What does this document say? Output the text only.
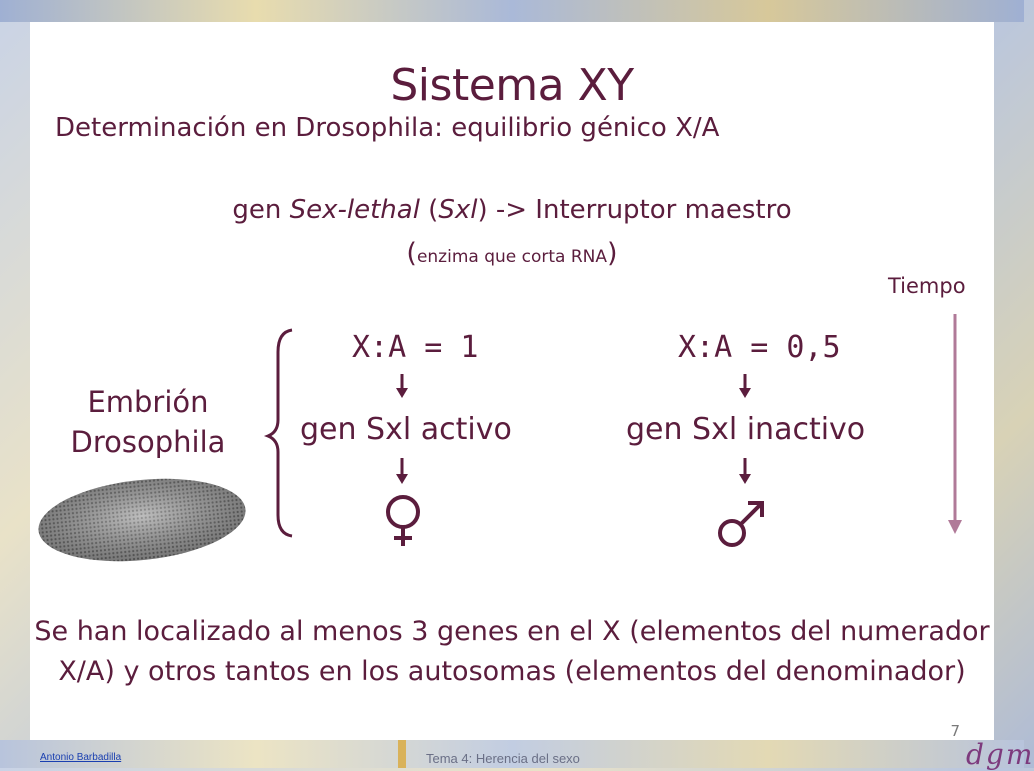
Sistema XY
Determinación en Drosophila: equilibrio génico X/A
gen Sex-lethal (Sxl) -> Interruptor maestro
(enzima que corta RNA)
Tiempo
Embrión
Drosophila
X:A = 1
gen Sxl activo
X:A = 0,5
gen Sxl inactivo
Se han localizado al menos 3 genes en el X (elementos del numerador
X/A) y otros tantos en los autosomas (elementos del denominador)
7
Antonio Barbadilla	Tema 4: Herencia del sexo	dgm
